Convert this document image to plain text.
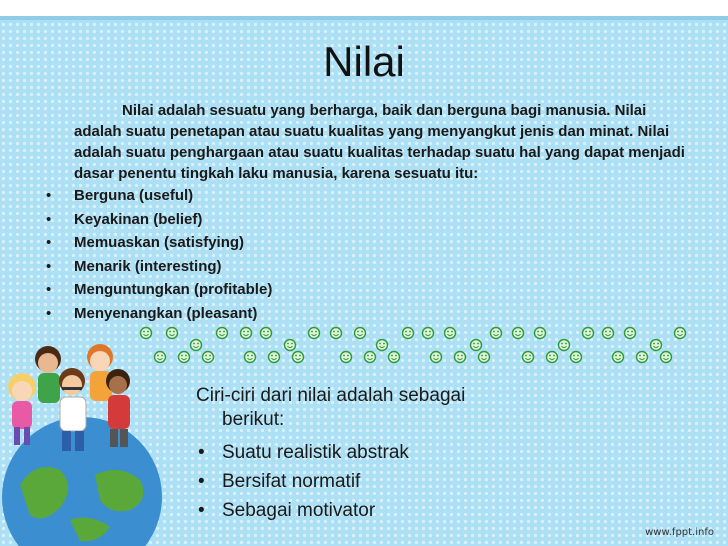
Nilai
Nilai adalah sesuatu yang berharga, baik dan berguna bagi manusia. Nilai adalah suatu penetapan atau suatu kualitas yang menyangkut jenis dan minat. Nilai adalah suatu penghargaan atau suatu kualitas terhadap suatu hal yang dapat menjadi dasar penentu tingkah laku manusia, karena sesuatu itu:
• Berguna (useful)
• Keyakinan (belief)
• Memuaskan (satisfying)
• Menarik (interesting)
• Menguntungkan (profitable)
• Menyenangkan (pleasant)
Ciri-ciri dari nilai adalah sebagai
berikut:
• Suatu realistik abstrak
• Bersifat normatif
• Sebagai motivator
www.fppt.info
